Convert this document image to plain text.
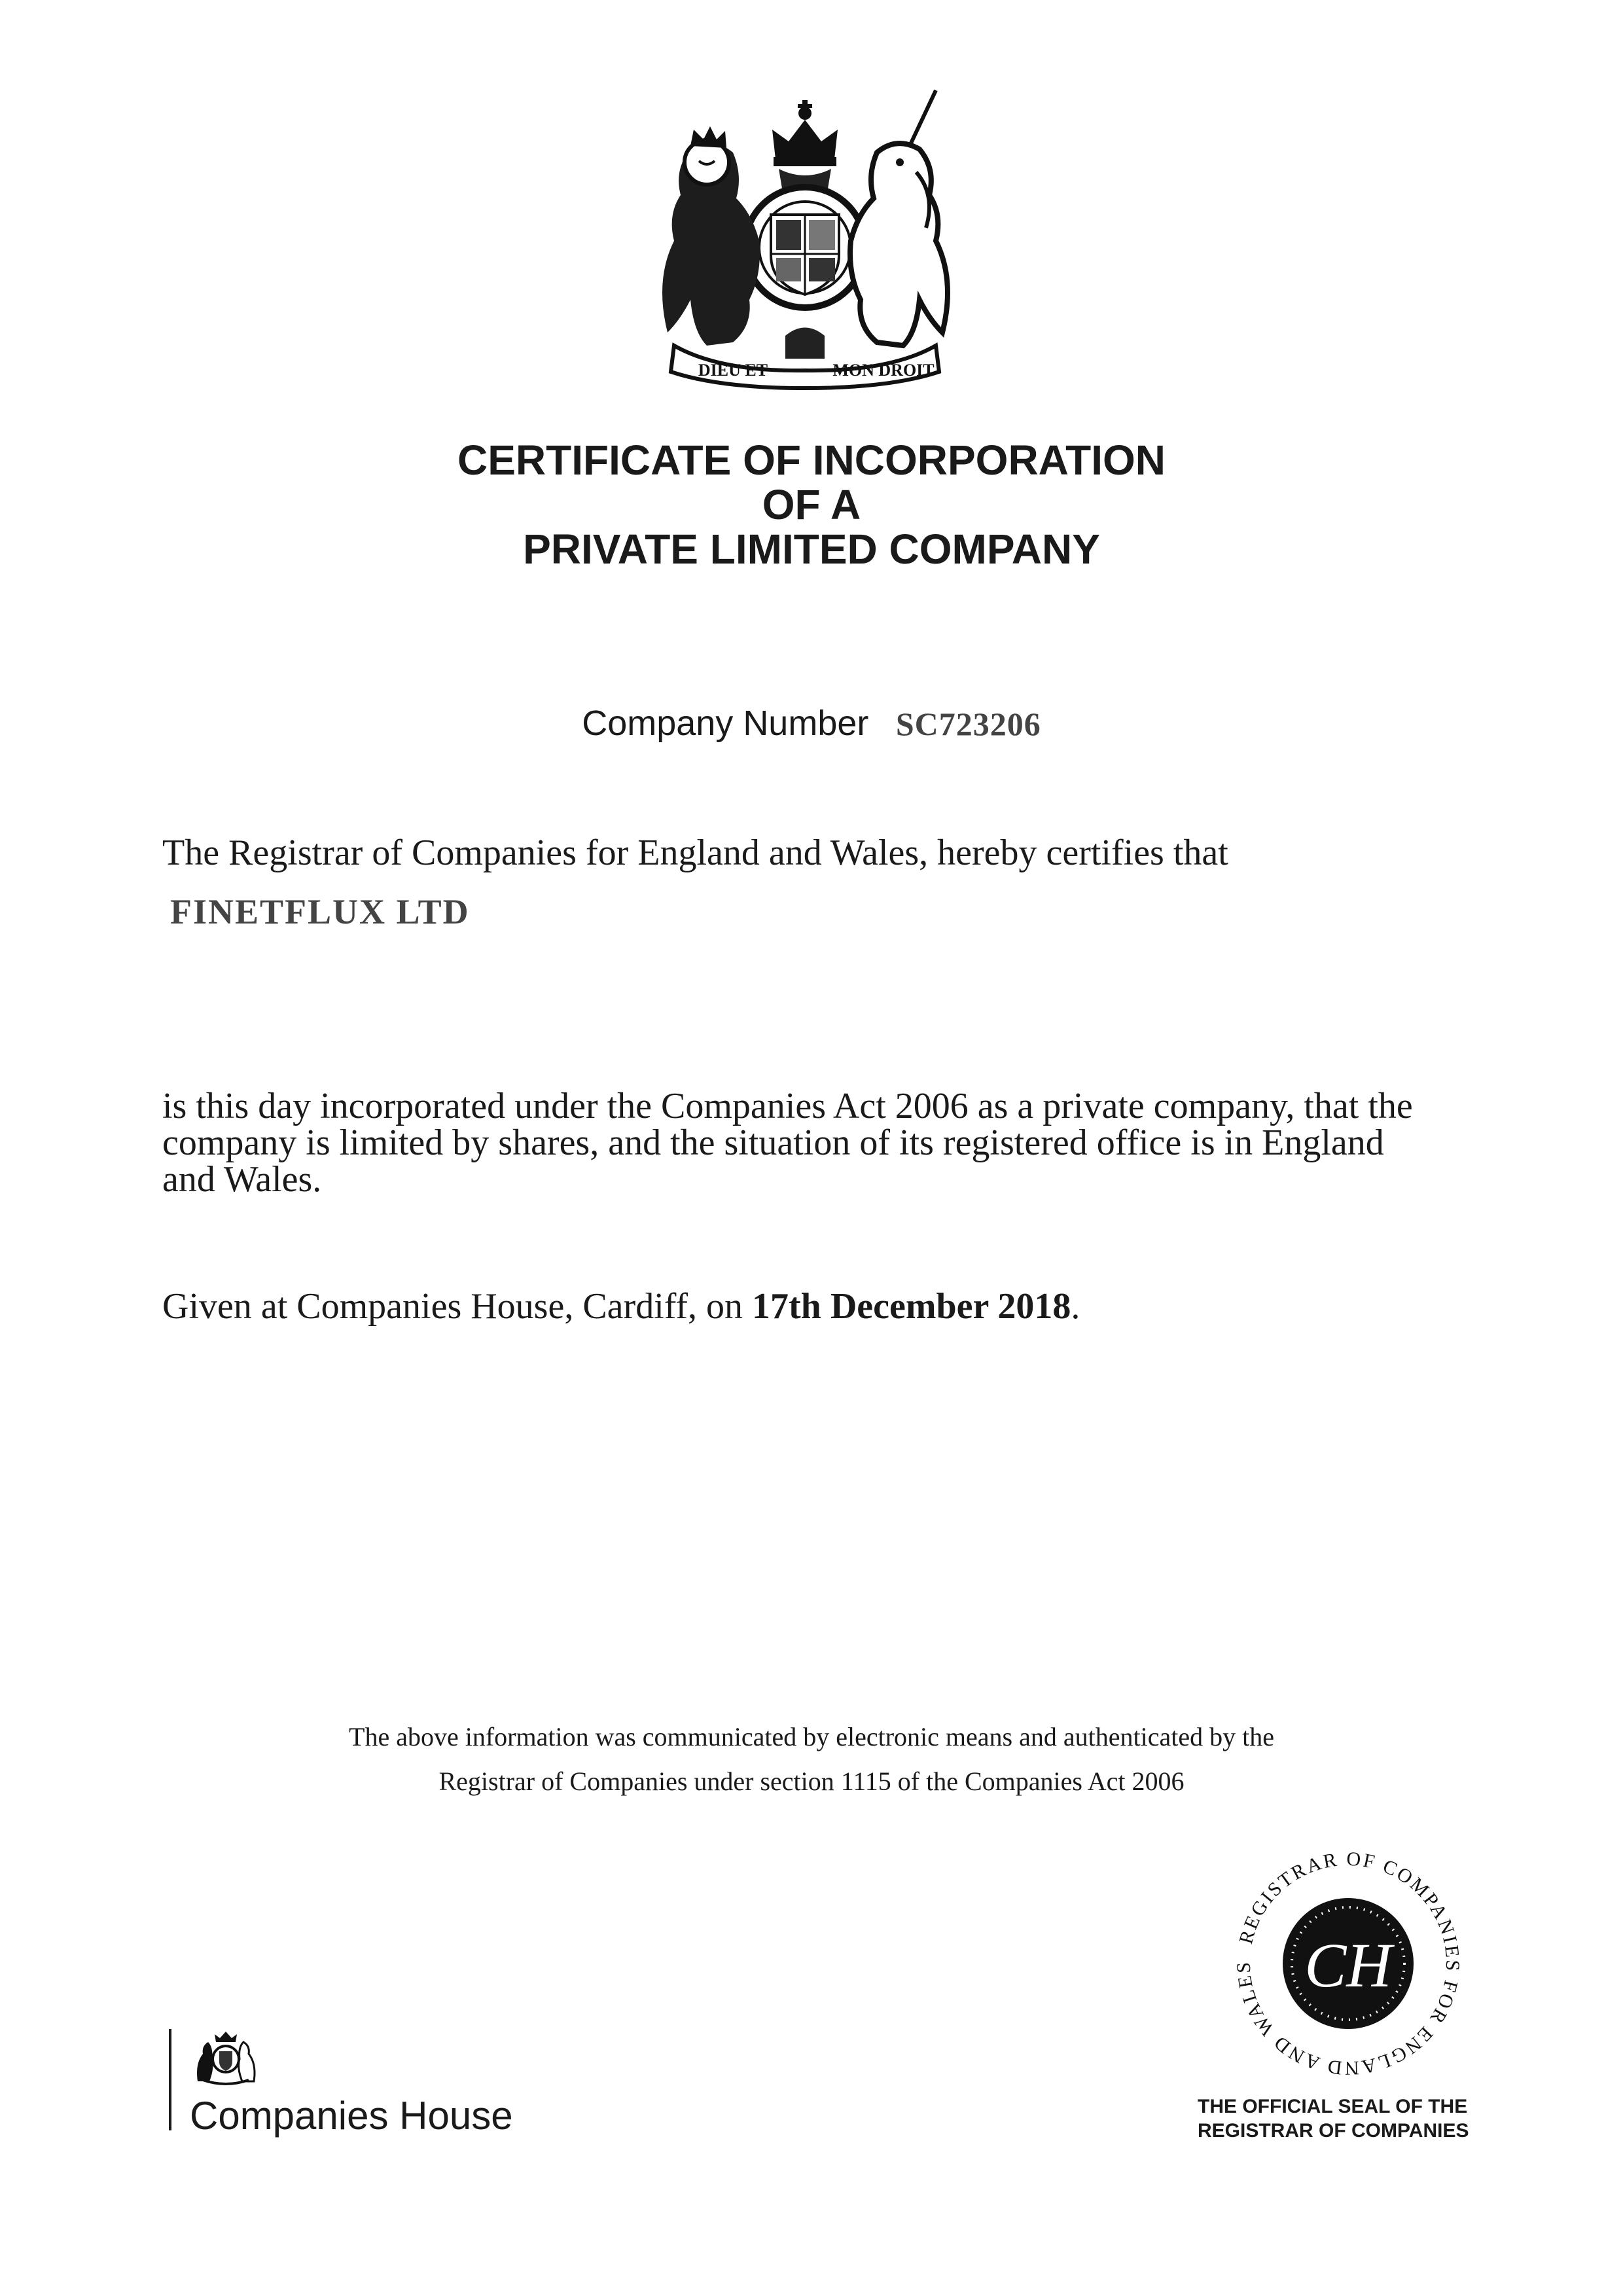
DIEU ET	MON DROIT
CERTIFICATE OF INCORPORATION
OF A
PRIVATE LIMITED COMPANY
Company Number SC723206
The Registrar of Companies for England and Wales, hereby certifies that
FINETFLUX LTD
is this day incorporated under the Companies Act 2006 as a private company, that the
company is limited by shares, and the situation of its registered office is in England
and Wales.
Given at Companies House, Cardiff, on 17th December 2018.
The above information was communicated by electronic means and authenticated by the
Registrar of Companies under section 1115 of the Companies Act 2006
REGISTRAR OF COMPANIES FOR ENGLAND AND WALES CH
THE OFFICIAL SEAL OF THE
REGISTRAR OF COMPANIES
Companies House
